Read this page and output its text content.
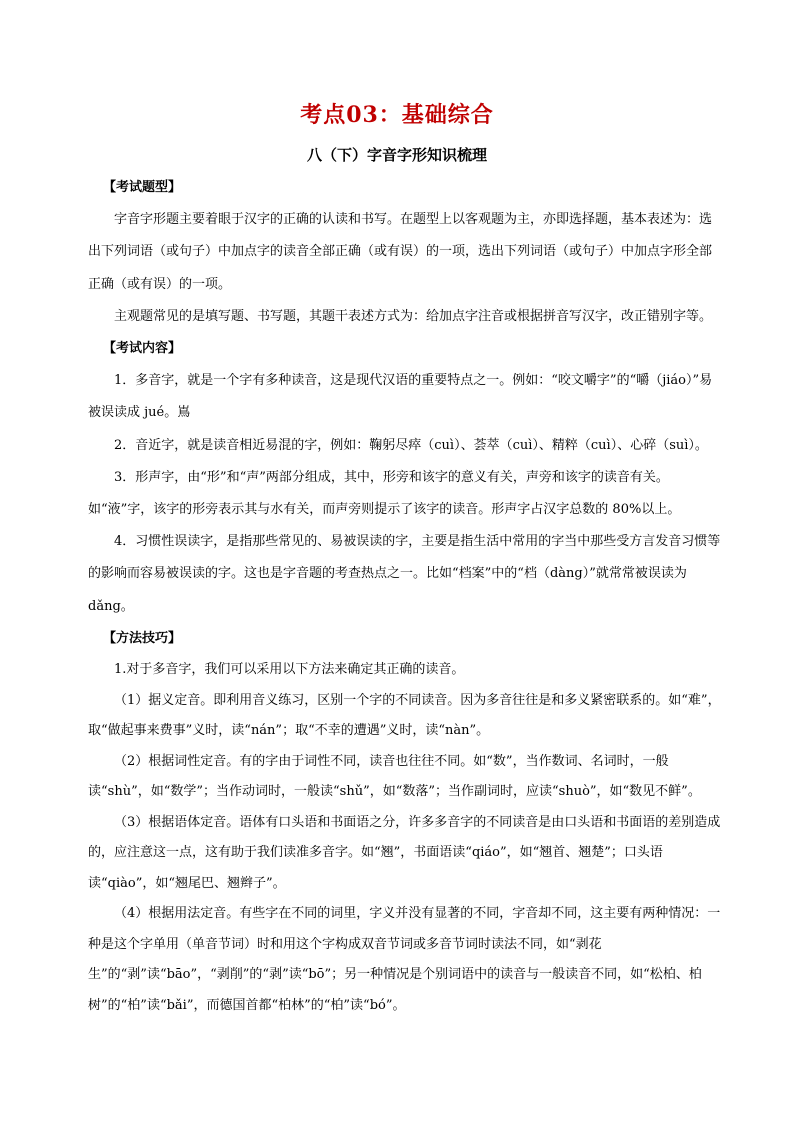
考点03：基础综合
八（下）字音字形知识梳理

【考试题型】

字音字形题主要着眼于汉字的正确的认读和书写。在题型上以客观题为主，亦即选择题，基本表述为：选出下列词语（或句子）中加点字的读音全部正确（或有误）的一项，选出下列词语（或句子）中加点字形全部正确（或有误）的一项。

主观题常见的是填写题、书写题，其题干表述方式为：给加点字注音或根据拼音写汉字，改正错别字等。

【考试内容】

1．多音字，就是一个字有多种读音，这是现代汉语的重要特点之一。例如：“咬文嚼字”的“嚼（jiáo）”易被误读成 jué。嶌

2．音近字，就是读音相近易混的字，例如：鞠躬尽瘁（cuì）、荟萃（cuì）、精粹（cuì）、心碎（suì）。

3．形声字，由“形”和“声”两部分组成，其中，形旁和该字的意义有关，声旁和该字的读音有关。如“液”字，该字的形旁表示其与水有关，而声旁则提示了该字的读音。形声字占汉字总数的 80%以上。

4．习惯性误读字，是指那些常见的、易被误读的字，主要是指生活中常用的字当中那些受方言发音习惯等的影响而容易被误读的字。这也是字音题的考查热点之一。比如“档案”中的“档（dàng）”就常常被误读为 dǎng。

【方法技巧】

1.对于多音字，我们可以采用以下方法来确定其正确的读音。

（1）据义定音。即利用音义练习，区别一个字的不同读音。因为多音往往是和多义紧密联系的。如“难”，取“做起事来费事”义时，读“nán”；取“不幸的遭遇”义时，读“nàn”。

（2）根据词性定音。有的字由于词性不同，读音也往往不同。如“数”，当作数词、名词时，一般读“shù”，如“数学”；当作动词时，一般读“shǔ”，如“数落”；当作副词时，应读“shuò”，如“数见不鲜”。

（3）根据语体定音。语体有口头语和书面语之分，许多多音字的不同读音是由口头语和书面语的差别造成的，应注意这一点，这有助于我们读准多音字。如“翘”，书面语读“qiáo”，如“翘首、翘楚”；口头语读“qiào”，如“翘尾巴、翘辫子”。

（4）根据用法定音。有些字在不同的词里，字义并没有显著的不同，字音却不同，这主要有两种情况：一种是这个字单用（单音节词）时和用这个字构成双音节词或多音节词时读法不同，如“剥花生”的“剥”读“bāo”，“剥削”的“剥”读“bō”；另一种情况是个别词语中的读音与一般读音不同，如“松柏、柏树”的“柏”读“bǎi”，而德国首都“柏林”的“柏”读“bó”。
